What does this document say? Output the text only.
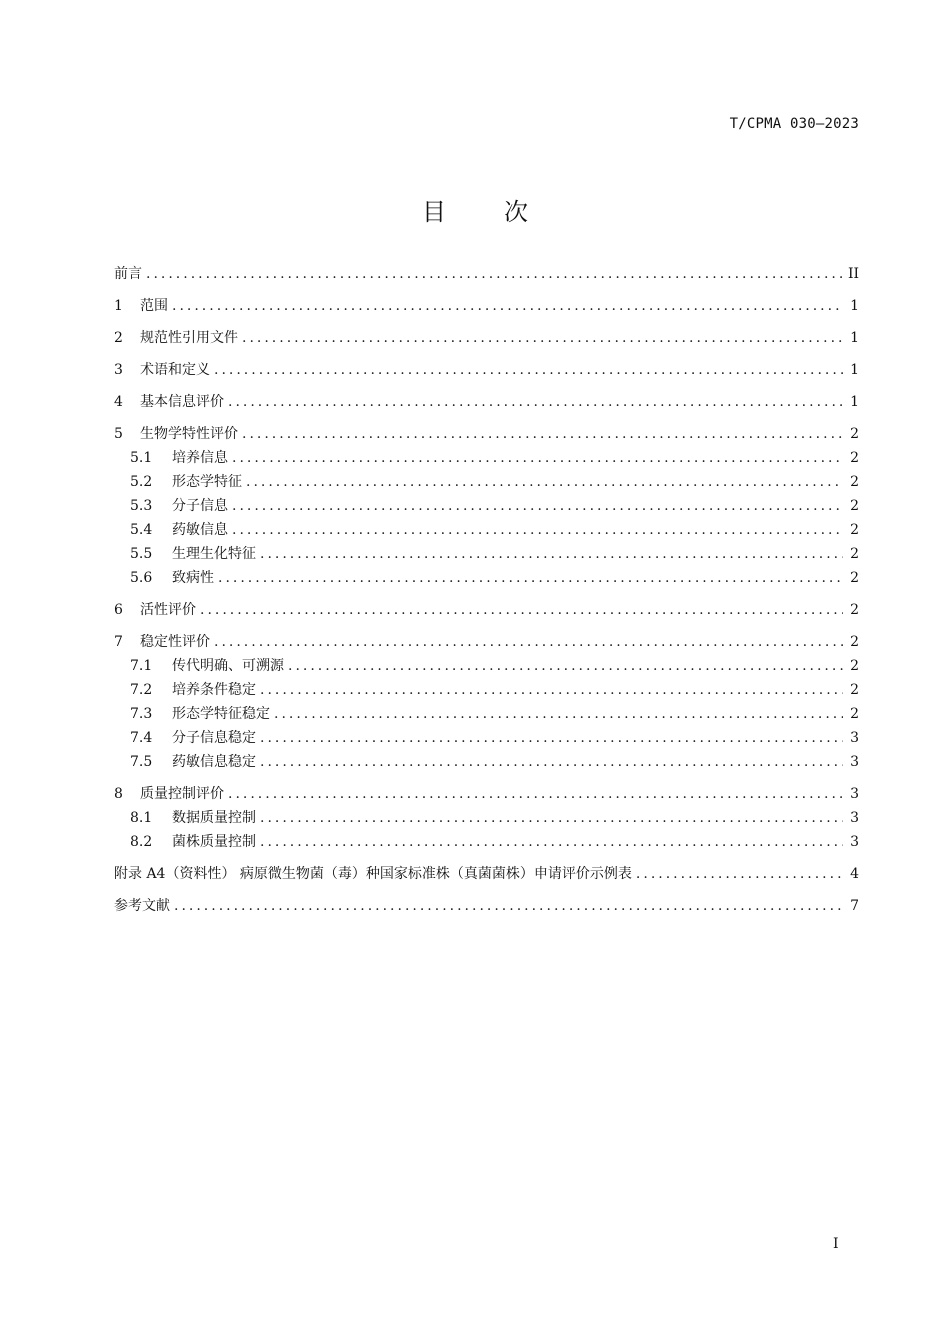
T/CPMA 030—2023
目次
前言 .....	II
1	范围 .....	1
2	规范性引用文件 .....	1
3	术语和定义 .....	1
4	基本信息评价 .....	1
5	生物学特性评价 .....	2
5.1	培养信息 .....	2
5.2	形态学特征 .....	2
5.3	分子信息 .....	2
5.4	药敏信息 .....	2
5.5	生理生化特征 .....	2
5.6	致病性 .....	2
6	活性评价 .....	2
7	稳定性评价 .....	2
7.1	传代明确、可溯源 .....	2
7.2	培养条件稳定 .....	2
7.3	形态学特征稳定 .....	2
7.4	分子信息稳定 .....	3
7.5	药敏信息稳定 .....	3
8	质量控制评价 .....	3
8.1	数据质量控制 .....	3
8.2	菌株质量控制 .....	3
附录 A4（资料性） 病原微生物菌（毒）种国家标准株（真菌菌株）申请评价示例表 .....	4
参考文献 .....	7
I
